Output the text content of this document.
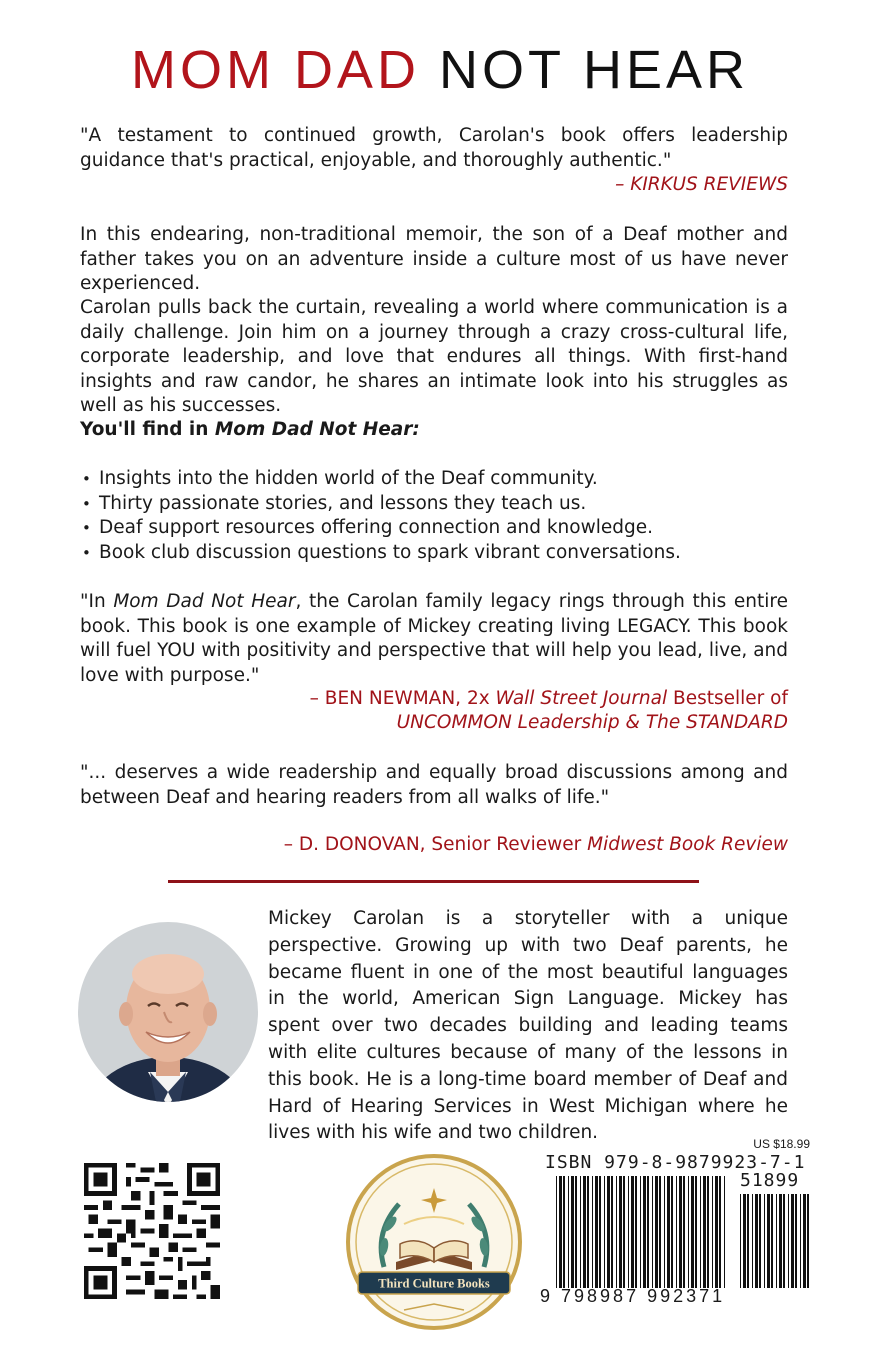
MOM DAD NOT HEAR
"A testament to continued growth, Carolan's book offers leadership guidance that's practical, enjoyable, and thoroughly authentic."
– KIRKUS REVIEWS
In this endearing, non-traditional memoir, the son of a Deaf mother and father takes you on an adventure inside a culture most of us have never experienced.
Carolan pulls back the curtain, revealing a world where communication is a daily challenge. Join him on a journey through a crazy cross-cultural life, corporate leadership, and love that endures all things. With first-hand insights and raw candor, he shares an intimate look into his struggles as well as his successes.
You'll find in Mom Dad Not Hear:
• Insights into the hidden world of the Deaf community.
• Thirty passionate stories, and lessons they teach us.
• Deaf support resources offering connection and knowledge.
• Book club discussion questions to spark vibrant conversations.
"In Mom Dad Not Hear, the Carolan family legacy rings through this entire book. This book is one example of Mickey creating living LEGACY. This book will fuel YOU with positivity and perspective that will help you lead, live, and love with purpose."
– BEN NEWMAN, 2x Wall Street Journal Bestseller of
UNCOMMON Leadership & The STANDARD
"... deserves a wide readership and equally broad discussions among and between Deaf and hearing readers from all walks of life."
– D. DONOVAN, Senior Reviewer Midwest Book Review
Mickey Carolan is a storyteller with a unique perspective. Growing up with two Deaf parents, he became fluent in one of the most beautiful languages in the world, American Sign Language. Mickey has spent over two decades building and leading teams with elite cultures because of many of the lessons in this book. He is a long-time board member of Deaf and Hard of Hearing Services in West Michigan where he lives with his wife and two children.
Third Culture Books
US $18.99
ISBN 979-8-9879923-7-1
51899
9 798987 992371
